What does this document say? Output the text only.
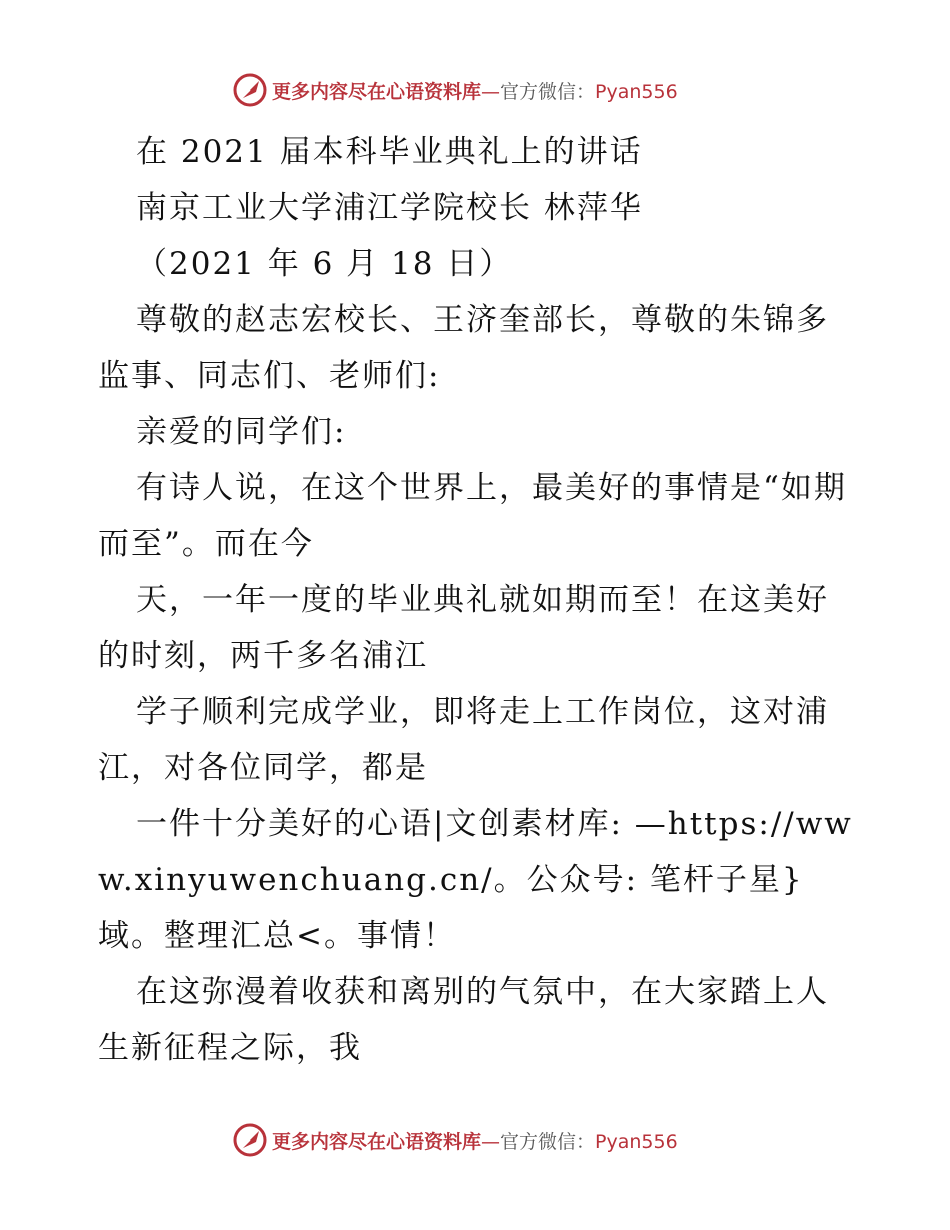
更多内容尽在心语资料库—官方微信：Pyan556

在 2021 届本科毕业典礼上的讲话

南京工业大学浦江学院校长 林萍华

（2021 年 6 月 18 日）

尊敬的赵志宏校长、王济奎部长，尊敬的朱锦多监事、同志们、老师们:

亲爱的同学们:

有诗人说，在这个世界上，最美好的事情是“如期而至”。而在今

天，一年一度的毕业典礼就如期而至！在这美好的时刻，两千多名浦江

学子顺利完成学业，即将走上工作岗位，这对浦江，对各位同学，都是

一件十分美好的心语|文创素材库: —https://www.xinyuwenchuang.cn/。公众号: 笔杆子星}

域。整理汇总<。事情！

在这弥漫着收获和离别的气氛中，在大家踏上人生新征程之际，我

更多内容尽在心语资料库—官方微信：Pyan556
